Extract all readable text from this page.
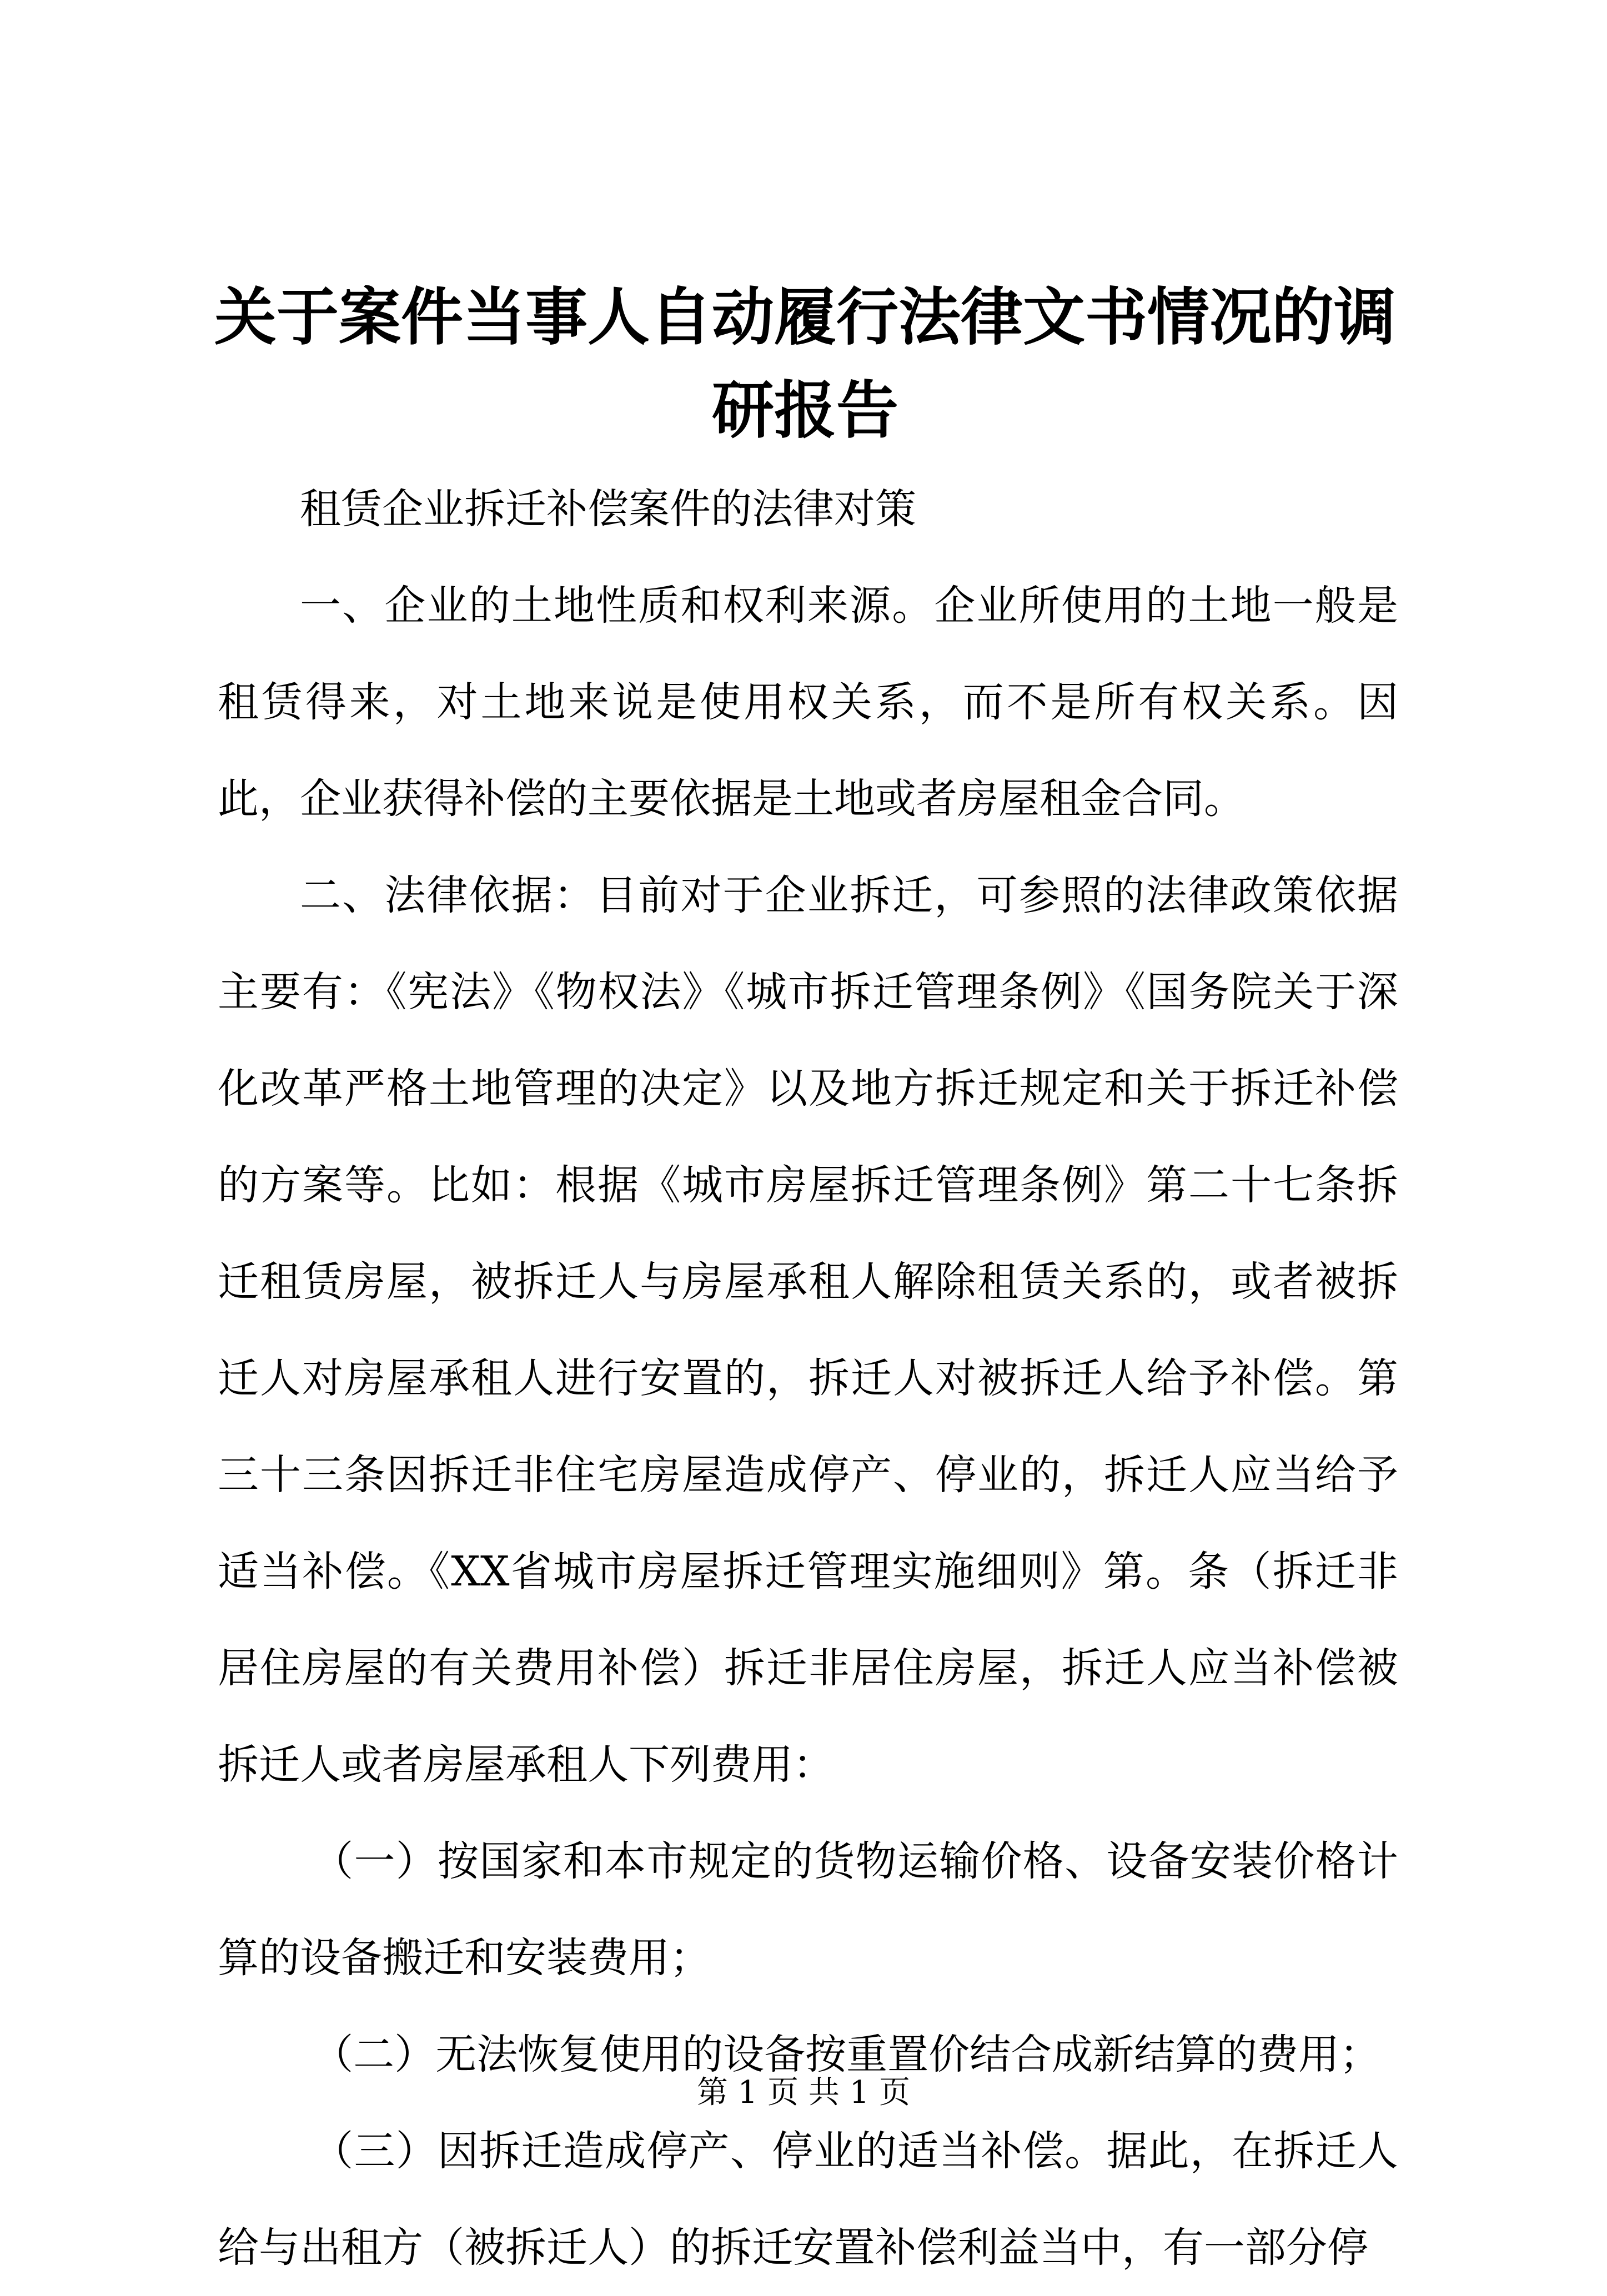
关于案件当事人自动履行法律文书情况的调研报告

租赁企业拆迁补偿案件的法律对策

一、企业的土地性质和权利来源。企业所使用的土地一般是租赁得来，对土地来说是使用权关系，而不是所有权关系。因此，企业获得补偿的主要依据是土地或者房屋租金合同。

二、法律依据：目前对于企业拆迁，可参照的法律政策依据主要有：《宪法》《物权法》《城市拆迁管理条例》《国务院关于深化改革严格土地管理的决定》以及地方拆迁规定和关于拆迁补偿的方案等。比如：根据《城市房屋拆迁管理条例》第二十七条拆迁租赁房屋，被拆迁人与房屋承租人解除租赁关系的，或者被拆迁人对房屋承租人进行安置的，拆迁人对被拆迁人给予补偿。第三十三条因拆迁非住宅房屋造成停产、停业的，拆迁人应当给予适当补偿。《XX省城市房屋拆迁管理实施细则》第。条（拆迁非居住房屋的有关费用补偿）拆迁非居住房屋，拆迁人应当补偿被拆迁人或者房屋承租人下列费用：

（一）按国家和本市规定的货物运输价格、设备安装价格计算的设备搬迁和安装费用；

（二）无法恢复使用的设备按重置价结合成新结算的费用；

（三）因拆迁造成停产、停业的适当补偿。据此，在拆迁人给与出租方（被拆迁人）的拆迁安置补偿利益当中，有一部分停

第 1 页 共 1 页
